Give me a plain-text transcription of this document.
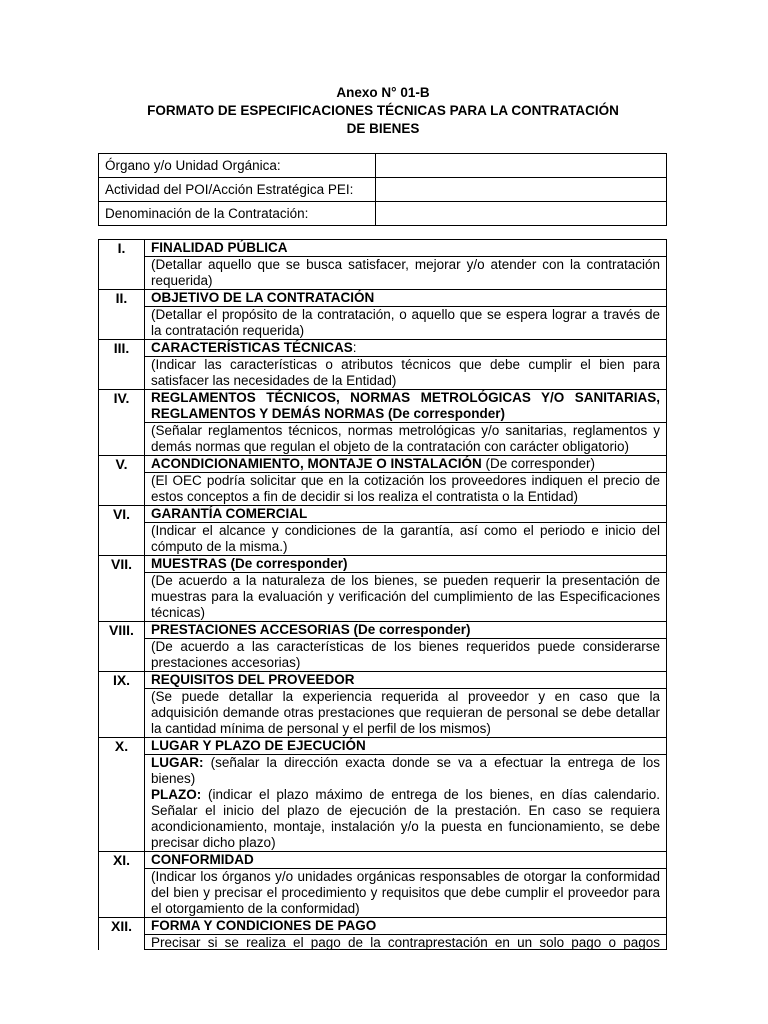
Anexo N° 01-B
FORMATO DE ESPECIFICACIONES TÉCNICAS PARA LA CONTRATACIÓN
DE BIENES
Órgano y/o Unidad Orgánica:	
Actividad del POI/Acción Estratégica PEI:	
Denominación de la Contratación:	
I.	FINALIDAD PÚBLICA
	(Detallar aquello que se busca satisfacer, mejorar y/o atender con la contratación requerida)
II.	OBJETIVO DE LA CONTRATACIÓN
	(Detallar el propósito de la contratación, o aquello que se espera lograr a través de la contratación requerida)
III.	CARACTERÍSTICAS TÉCNICAS:
	(Indicar las características o atributos técnicos que debe cumplir el bien para satisfacer las necesidades de la Entidad)
IV.	REGLAMENTOS TÉCNICOS, NORMAS METROLÓGICAS Y/O SANITARIAS, REGLAMENTOS Y DEMÁS NORMAS (De corresponder)
	(Señalar reglamentos técnicos, normas metrológicas y/o sanitarias, reglamentos y demás normas que regulan el objeto de la contratación con carácter obligatorio)
V.	ACONDICIONAMIENTO, MONTAJE O INSTALACIÓN (De corresponder)
	(El OEC podría solicitar que en la cotización los proveedores indiquen el precio de estos conceptos a fin de decidir si los realiza el contratista o la Entidad)
VI.	GARANTÍA COMERCIAL
	(Indicar el alcance y condiciones de la garantía, así como el periodo e inicio del cómputo de la misma.)
VII.	MUESTRAS (De corresponder)
	(De acuerdo a la naturaleza de los bienes, se pueden requerir la presentación de muestras para la evaluación y verificación del cumplimiento de las Especificaciones técnicas)
VIII.	PRESTACIONES ACCESORIAS (De corresponder)
	(De acuerdo a las características de los bienes requeridos puede considerarse prestaciones accesorias)
IX.	REQUISITOS DEL PROVEEDOR
	(Se puede detallar la experiencia requerida al proveedor y en caso que la adquisición demande otras prestaciones que requieran de personal se debe detallar la cantidad mínima de personal y el perfil de los mismos)
X.	LUGAR Y PLAZO DE EJECUCIÓN

	LUGAR: (señalar la dirección exacta donde se va a efectuar la entrega de los bienes)
PLAZO: (indicar el plazo máximo de entrega de los bienes, en días calendario. Señalar el inicio del plazo de ejecución de la prestación. En caso se requiera acondicionamiento, montaje, instalación y/o la puesta en funcionamiento, se debe precisar dicho plazo)

XI.	CONFORMIDAD
	(Indicar los órganos y/o unidades orgánicas responsables de otorgar la conformidad del bien y precisar el procedimiento y requisitos que debe cumplir el proveedor para el otorgamiento de la conformidad)
XII.	FORMA Y CONDICIONES DE PAGO

	Precisar si se realiza el pago de la contraprestación en un solo pago o pagos
